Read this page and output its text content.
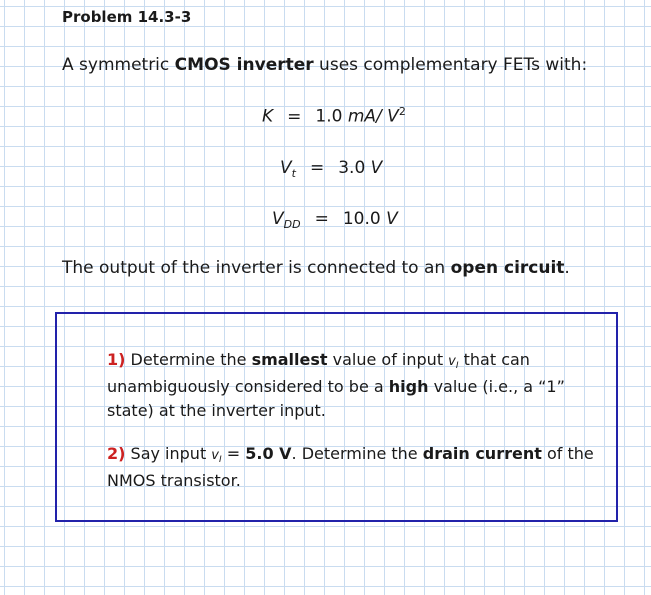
Problem 14.3-3
A symmetric CMOS inverter uses complementary FETs with:
K = 1.0 mA/ $V^2$
$V_t = 3.0$ V
$V_{DD} = 10.0$ V
The output of the inverter is connected to an open circuit.
1) Determine the smallest value of input vI that can unambiguously considered to be a high value (i.e., a “1” state) at the inverter input.
2) Say input vI = 5.0 V. Determine the drain current of the NMOS transistor.
